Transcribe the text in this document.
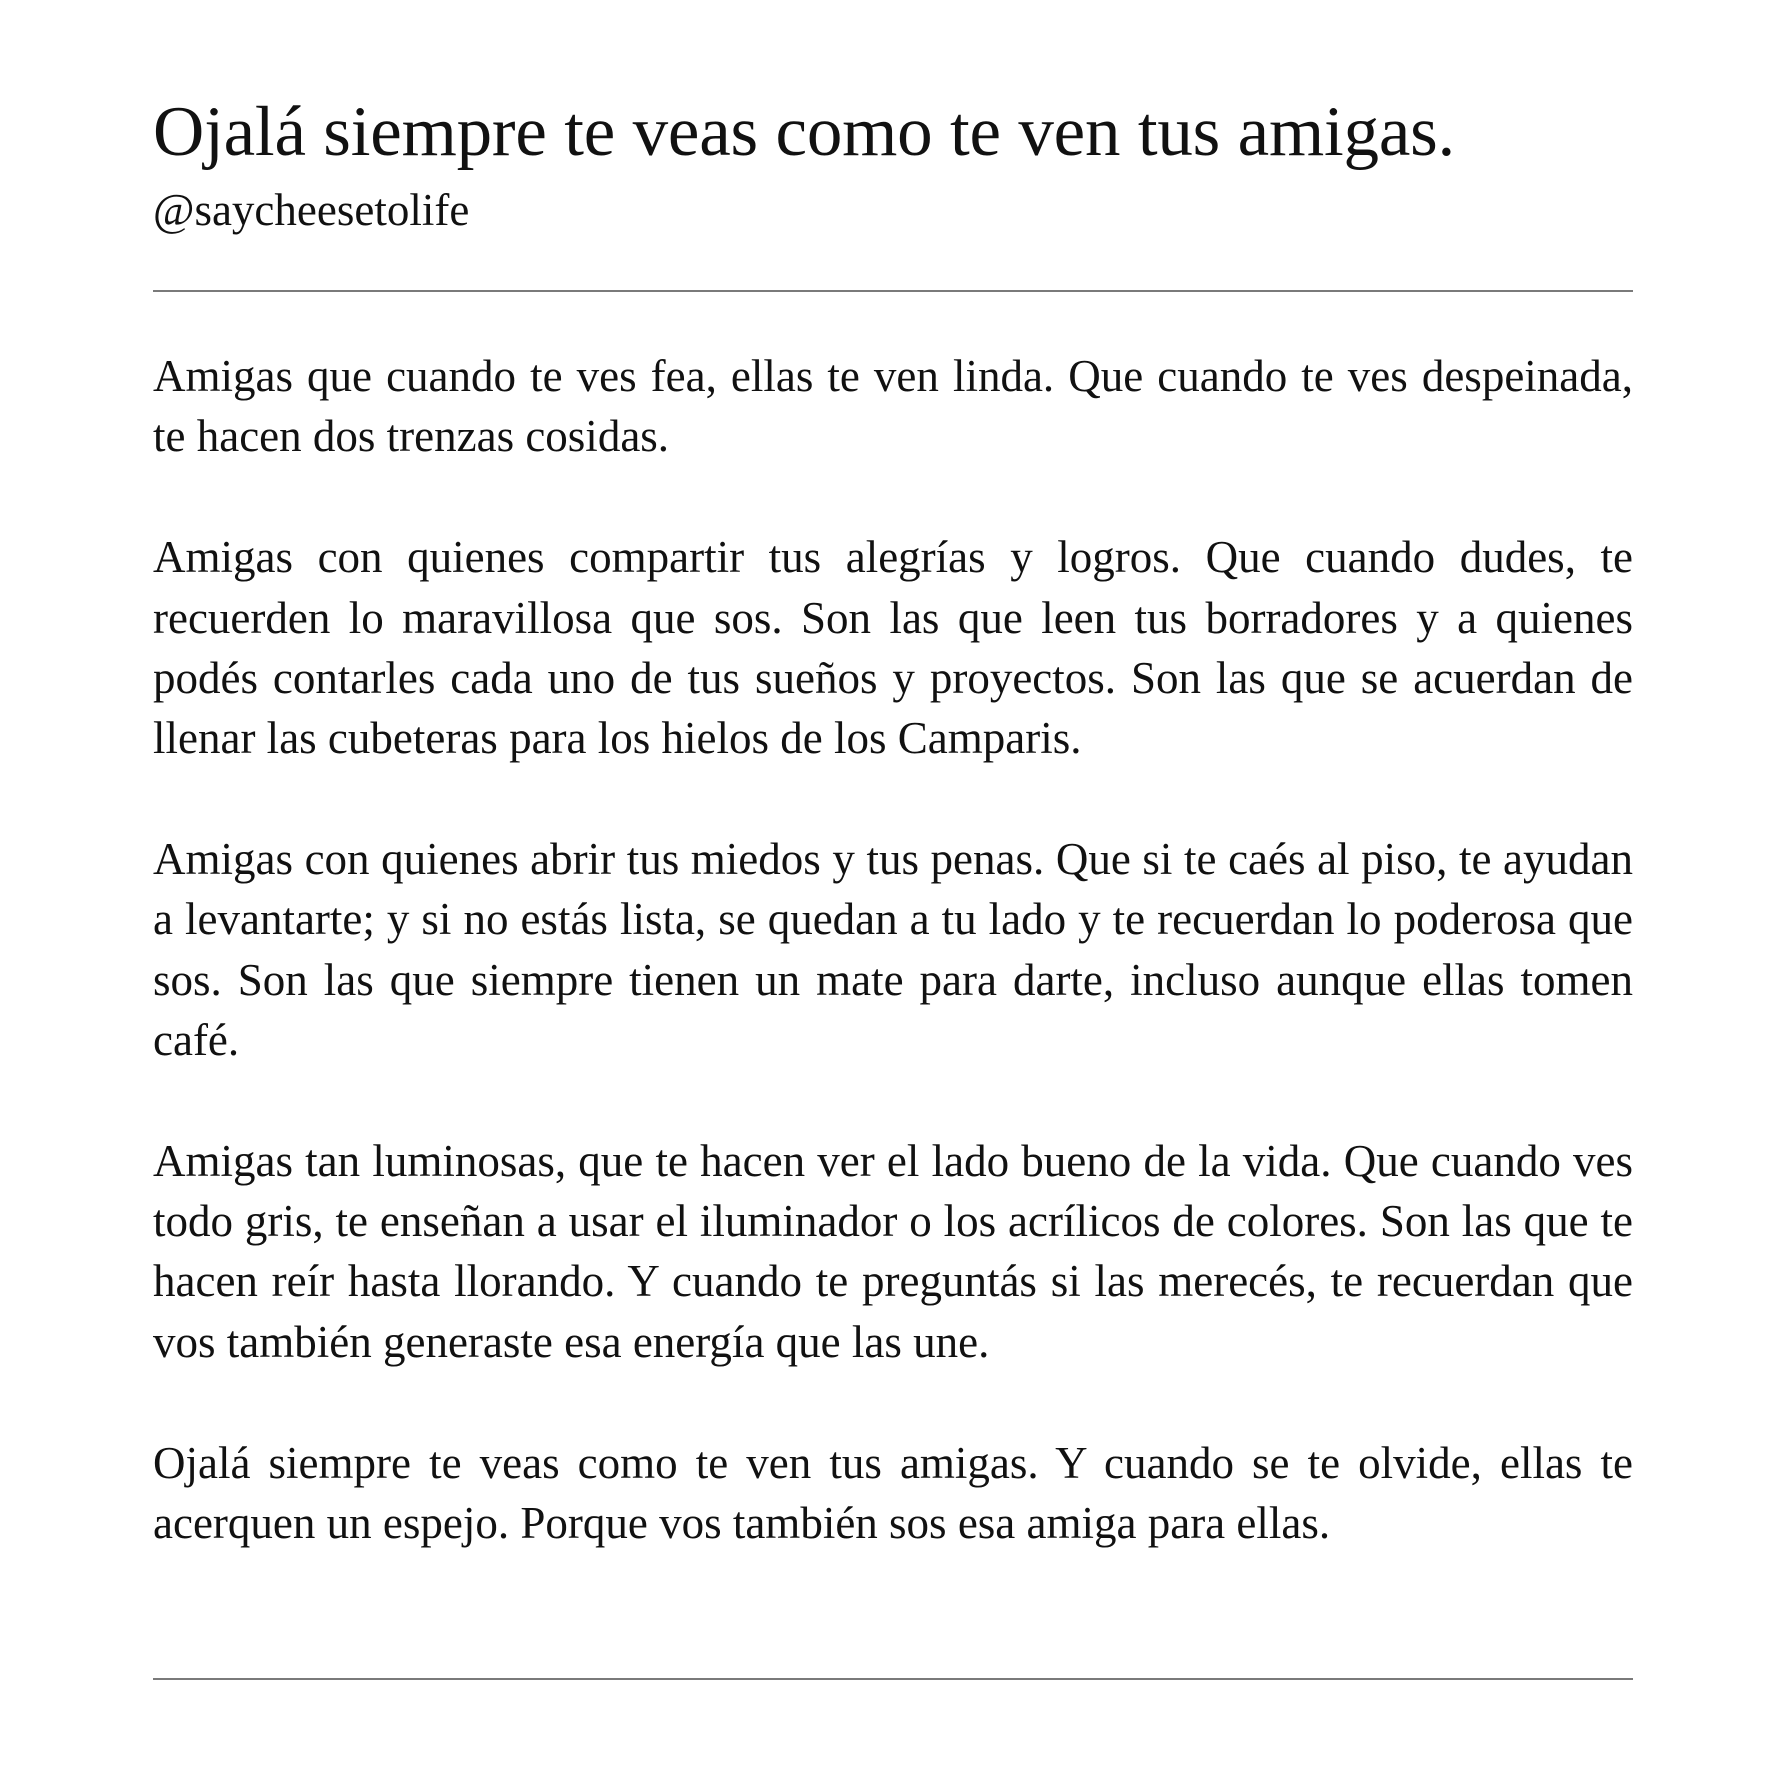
Ojalá siempre te veas como te ven tus amigas.

@saycheesetolife

Amigas que cuando te ves fea, ellas te ven linda. Que cuando te ves despeinada, te hacen dos trenzas cosidas.

Amigas con quienes compartir tus alegrías y logros. Que cuando dudes, te recuerden lo maravillosa que sos. Son las que leen tus borradores y a quienes podés contarles cada uno de tus sueños y proyectos. Son las que se acuerdan de llenar las cubeteras para los hielos de los Camparis.

Amigas con quienes abrir tus miedos y tus penas. Que si te caés al piso, te ayudan a levantarte; y si no estás lista, se quedan a tu lado y te recuerdan lo poderosa que sos. Son las que siempre tienen un mate para darte, incluso aunque ellas tomen café.

Amigas tan luminosas, que te hacen ver el lado bueno de la vida. Que cuando ves todo gris, te enseñan a usar el iluminador o los acrílicos de colores. Son las que te hacen reír hasta llorando. Y cuando te preguntás si las merecés, te recuerdan que vos también generaste esa energía que las une.

Ojalá siempre te veas como te ven tus amigas. Y cuando se te olvide, ellas te acerquen un espejo. Porque vos también sos esa amiga para ellas.
